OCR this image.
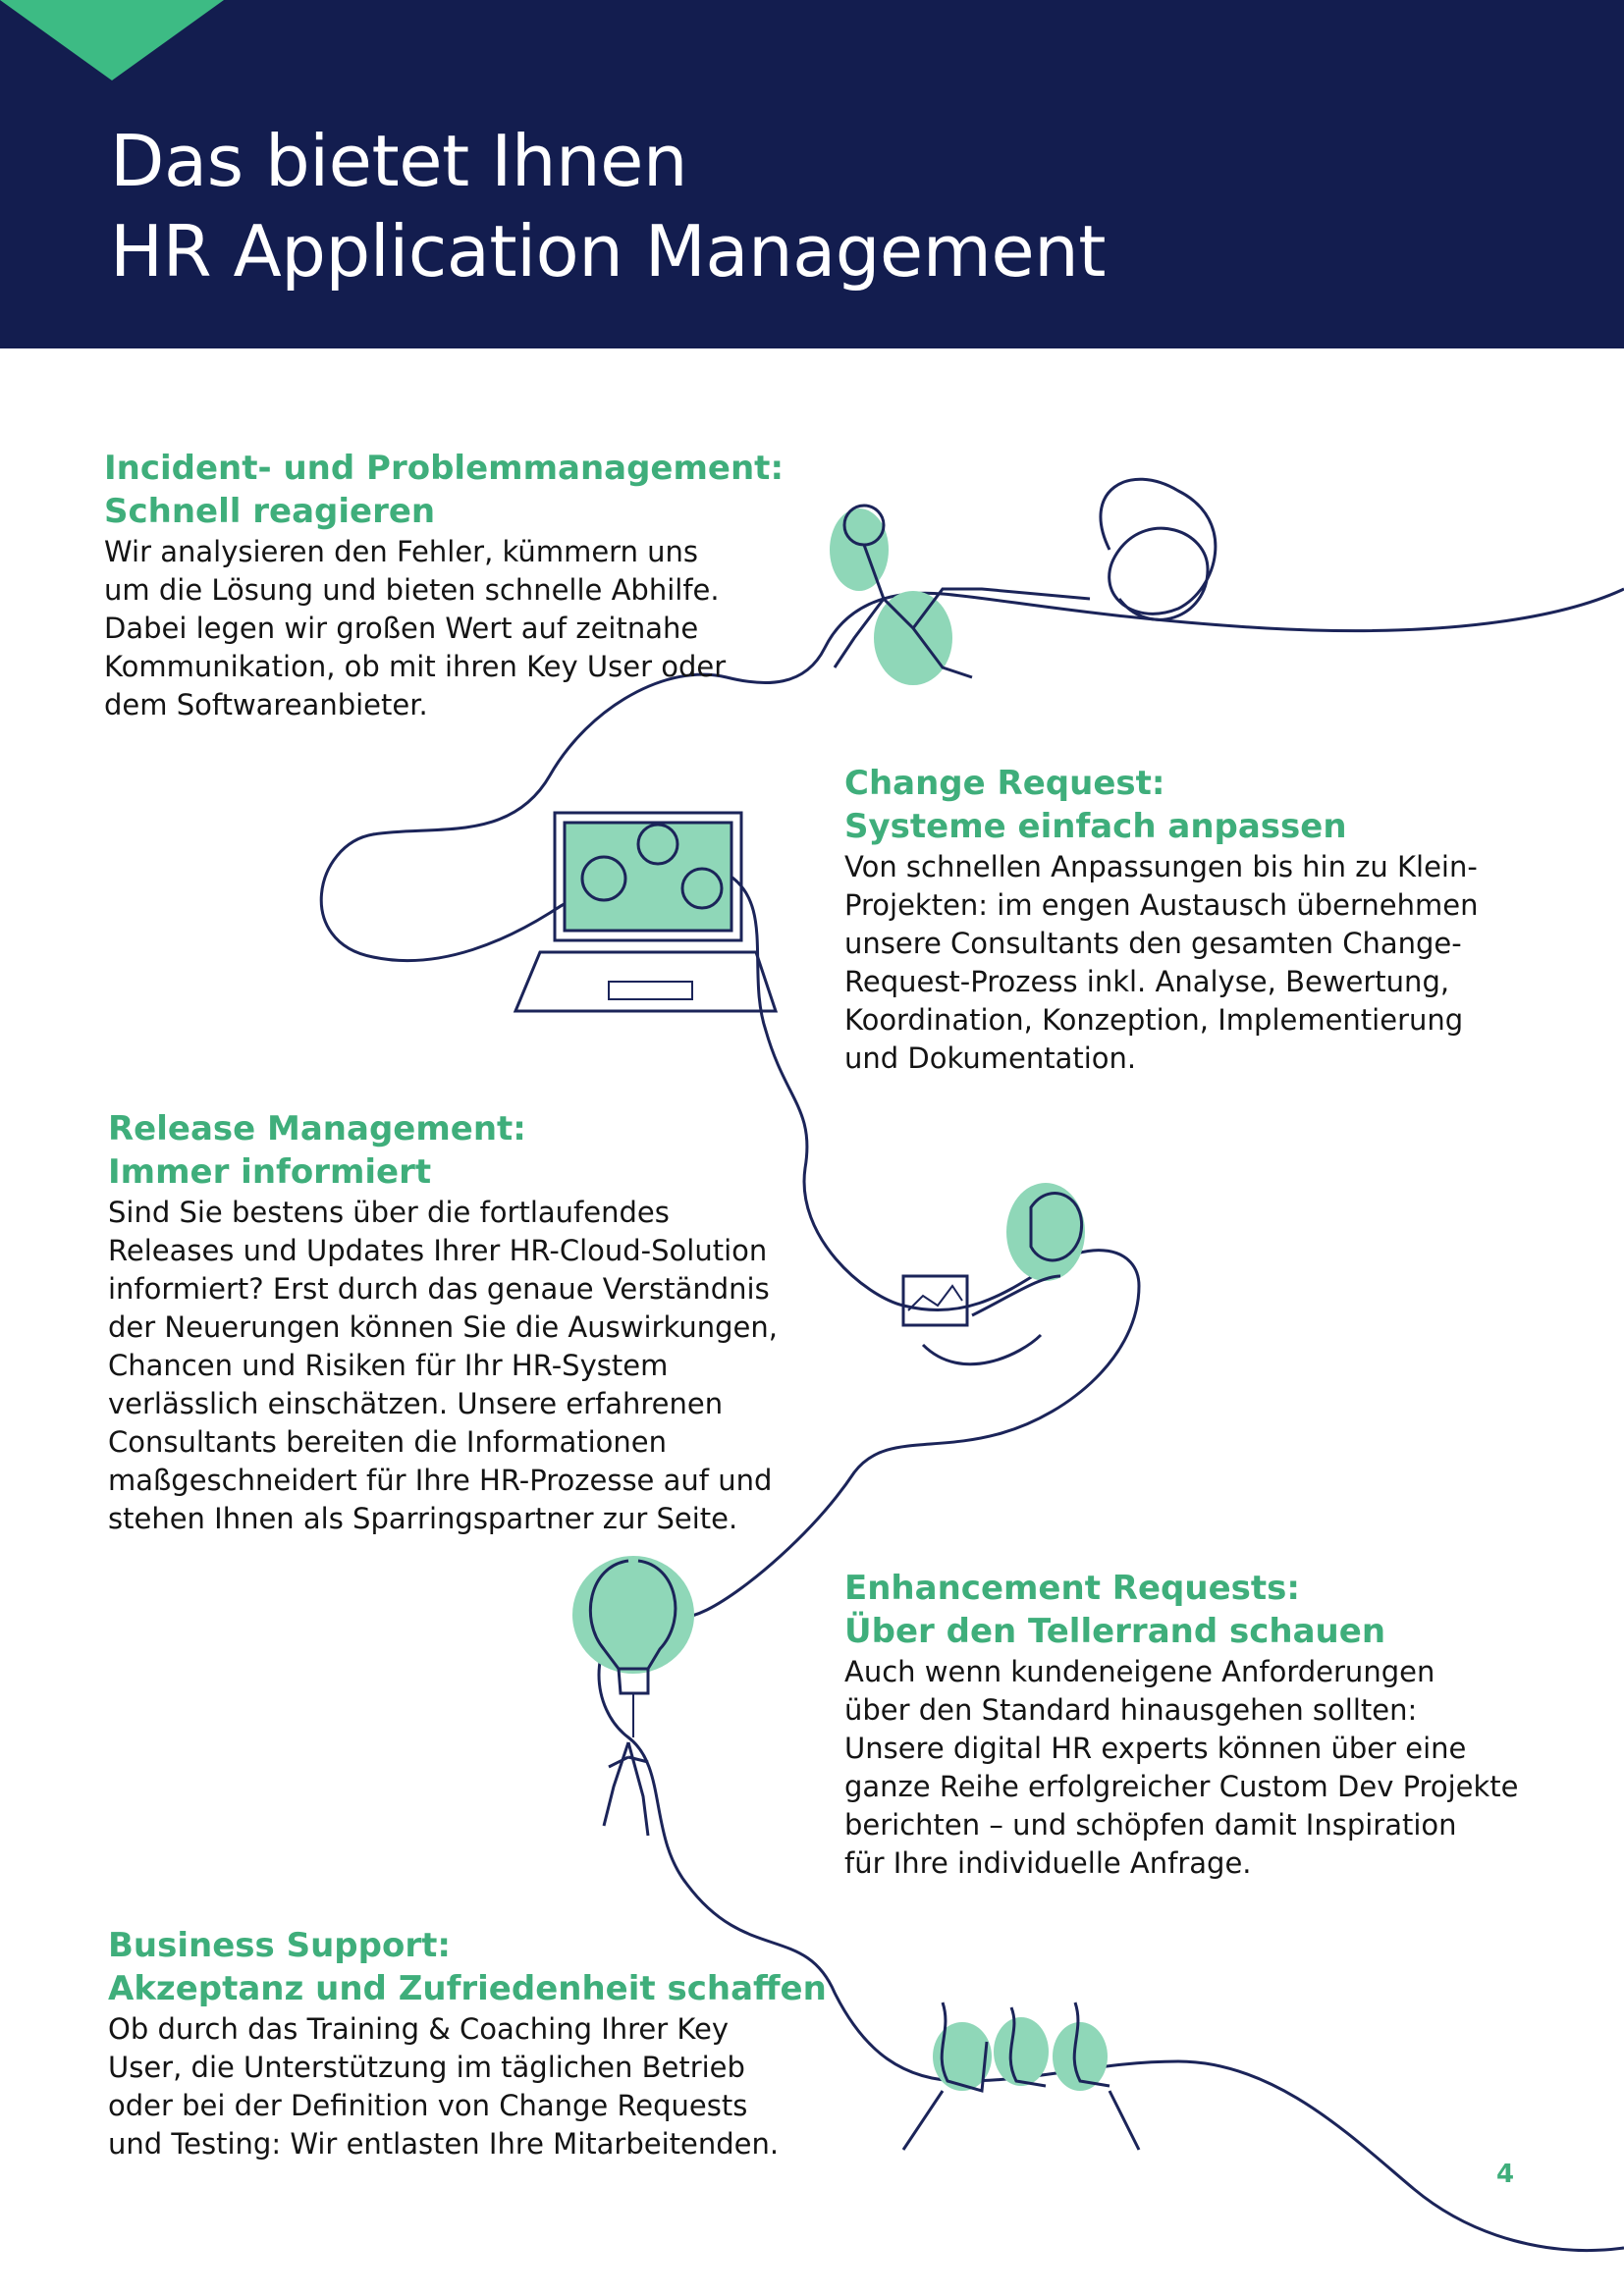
Das bietet Ihnen
HR Application Management
Incident- und Problemmanagement:
Schnell reagieren

Wir analysieren den Fehler, kümmern uns
um die Lösung und bieten schnelle Abhilfe.
Dabei legen wir großen Wert auf zeitnahe
Kommunikation, ob mit ihren Key User oder
dem Softwareanbieter.

Change Request:
Systeme einfach anpassen

Von schnellen Anpassungen bis hin zu Klein-
Projekten: im engen Austausch übernehmen
unsere Consultants den gesamten Change-
Request-Prozess inkl. Analyse, Bewertung,
Koordination, Konzeption, Implementierung
und Dokumentation.

Release Management:
Immer informiert

Sind Sie bestens über die fortlaufendes
Releases und Updates Ihrer HR-Cloud-Solution
informiert? Erst durch das genaue Verständnis
der Neuerungen können Sie die Auswirkungen,
Chancen und Risiken für Ihr HR-System
verlässlich einschätzen. Unsere erfahrenen
Consultants bereiten die Informationen
maßgeschneidert für Ihre HR-Prozesse auf und
stehen Ihnen als Sparringspartner zur Seite.

Enhancement Requests:
Über den Tellerrand schauen

Auch wenn kundeneigene Anforderungen
über den Standard hinausgehen sollten:
Unsere digital HR experts können über eine
ganze Reihe erfolgreicher Custom Dev Projekte
berichten – und schöpfen damit Inspiration
für Ihre individuelle Anfrage.

Business Support:
Akzeptanz und Zufriedenheit schaffen

Ob durch das Training & Coaching Ihrer Key
User, die Unterstützung im täglichen Betrieb
oder bei der Definition von Change Requests
und Testing: Wir entlasten Ihre Mitarbeitenden.

4
